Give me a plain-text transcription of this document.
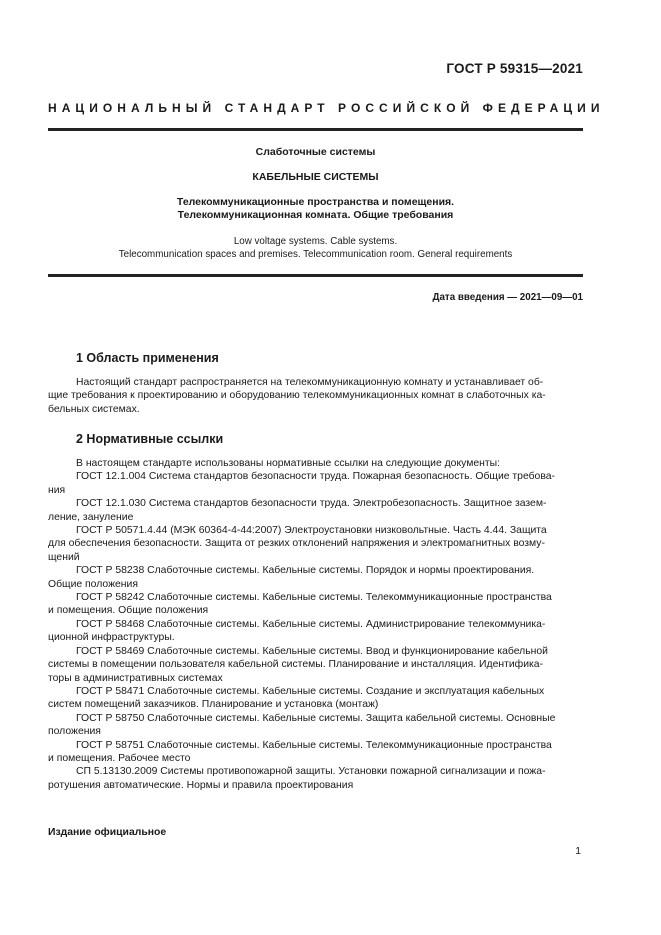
ГОСТ Р 59315—2021
НАЦИОНАЛЬНЫЙ СТАНДАРТ РОССИЙСКОЙ ФЕДЕРАЦИИ
Слаботочные системы
КАБЕЛЬНЫЕ СИСТЕМЫ
Телекоммуникационные пространства и помещения.
Телекоммуникационная комната. Общие требования
Low voltage systems. Cable systems.
Telecommunication spaces and premises. Telecommunication room. General requirements
Дата введения — 2021—09—01
1 Область применения
Настоящий стандарт распространяется на телекоммуникационную комнату и устанавливает об-
щие требования к проектированию и оборудованию телекоммуникационных комнат в слаботочных ка-
бельных системах.
2 Нормативные ссылки
В настоящем стандарте использованы нормативные ссылки на следующие документы:
ГОСТ 12.1.004 Система стандартов безопасности труда. Пожарная безопасность. Общие требова-
ния
ГОСТ 12.1.030 Система стандартов безопасности труда. Электробезопасность. Защитное зазем-
ление, зануление
ГОСТ Р 50571.4.44 (МЭК 60364-4-44:2007) Электроустановки низковольтные. Часть 4.44. Защита
для обеспечения безопасности. Защита от резких отклонений напряжения и электромагнитных возму-
щений
ГОСТ Р 58238 Слаботочные системы. Кабельные системы. Порядок и нормы проектирования.
Общие положения
ГОСТ Р 58242 Слаботочные системы. Кабельные системы. Телекоммуникационные пространства
и помещения. Общие положения
ГОСТ Р 58468 Слаботочные системы. Кабельные системы. Администрирование телекоммуника-
ционной инфраструктуры.
ГОСТ Р 58469 Слаботочные системы. Кабельные системы. Ввод и функционирование кабельной
системы в помещении пользователя кабельной системы. Планирование и инсталляция. Идентифика-
торы в административных системах
ГОСТ Р 58471 Слаботочные системы. Кабельные системы. Создание и эксплуатация кабельных
систем помещений заказчиков. Планирование и установка (монтаж)
ГОСТ Р 58750 Слаботочные системы. Кабельные системы. Защита кабельной системы. Основные
положения
ГОСТ Р 58751 Слаботочные системы. Кабельные системы. Телекоммуникационные пространства
и помещения. Рабочее место
СП 5.13130.2009 Системы противопожарной защиты. Установки пожарной сигнализации и пожа-
ротушения автоматические. Нормы и правила проектирования
Издание официальное
1
